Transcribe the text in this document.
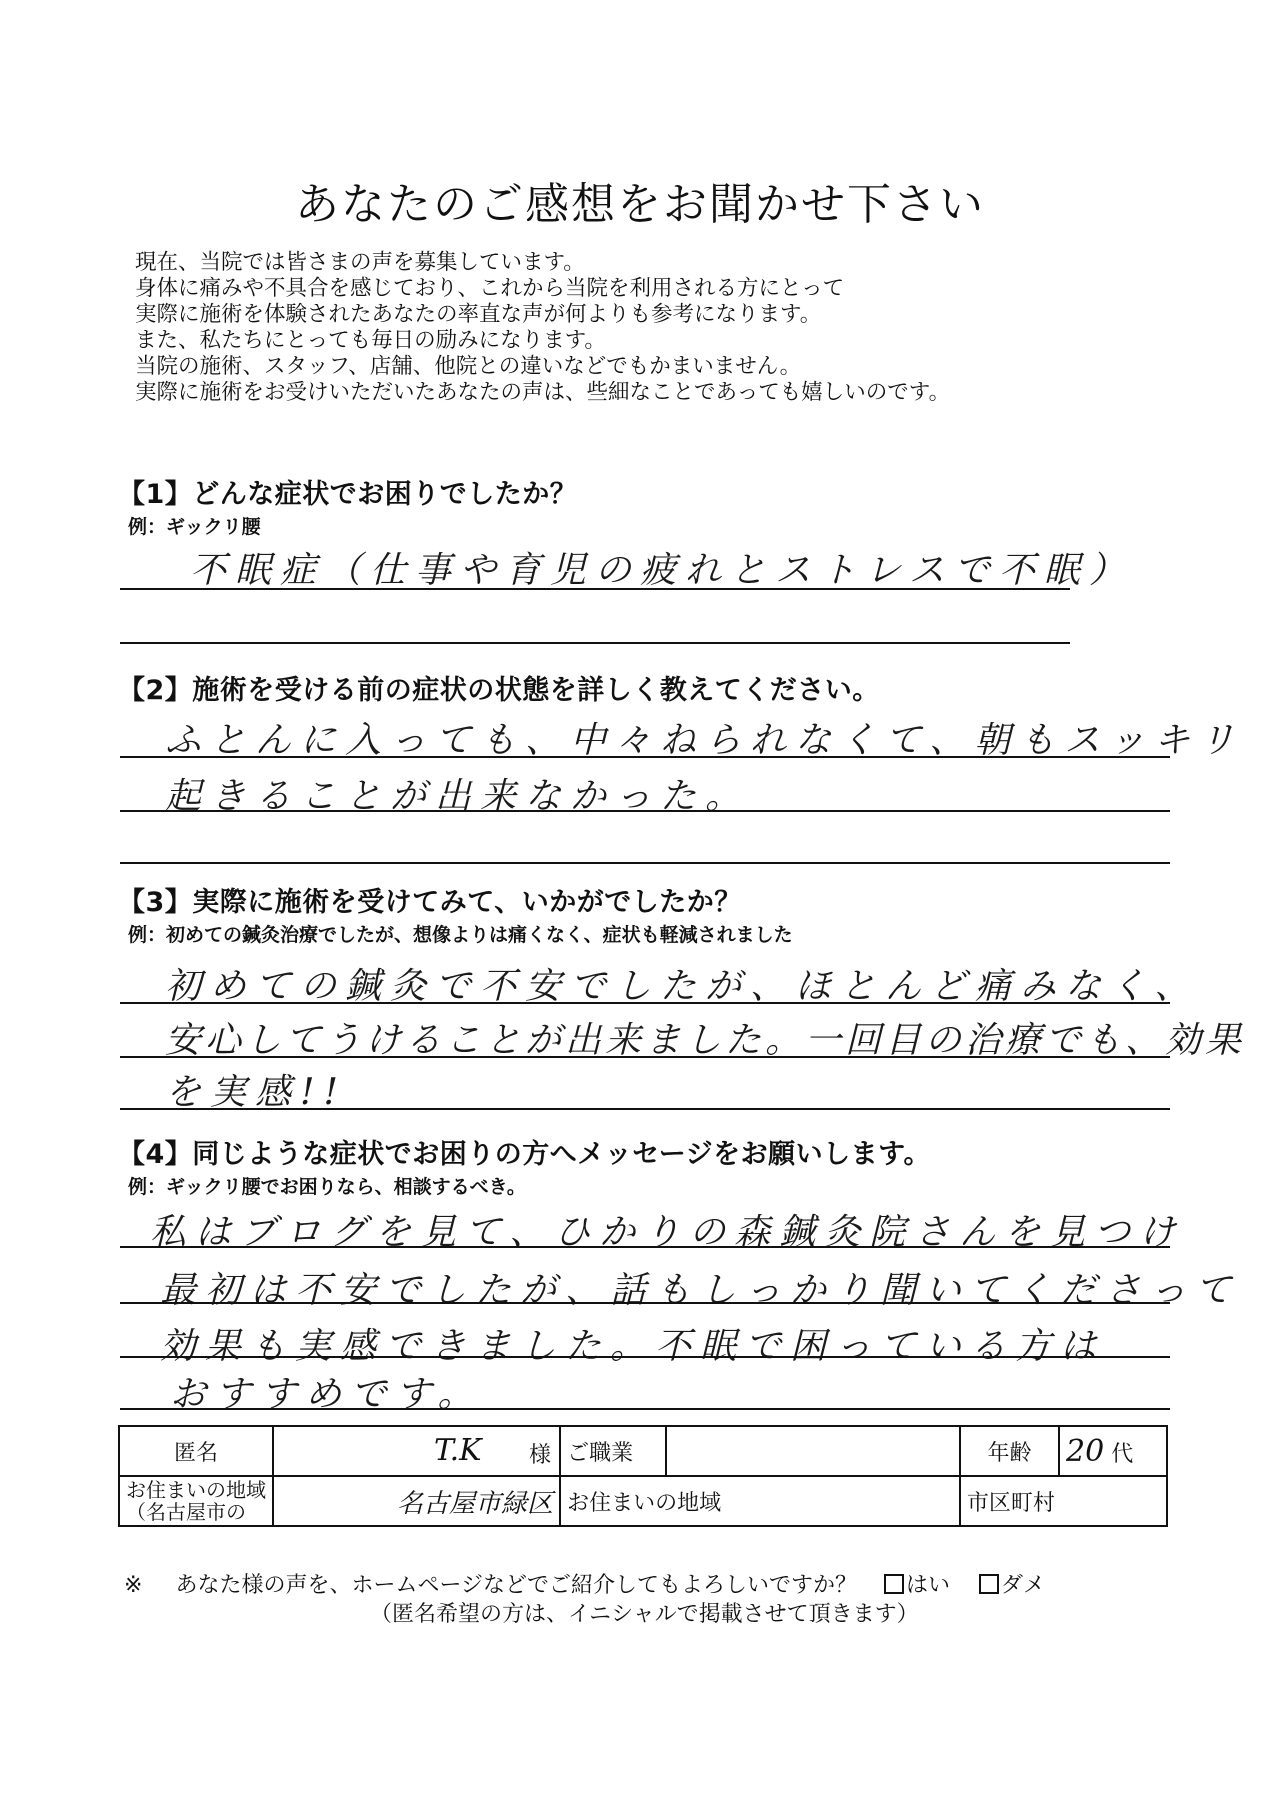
あなたのご感想をお聞かせ下さい
現在、当院では皆さまの声を募集しています。
身体に痛みや不具合を感じており、これから当院を利用される方にとって
実際に施術を体験されたあなたの率直な声が何よりも参考になります。
また、私たちにとっても毎日の励みになります。
当院の施術、スタッフ、店舗、他院との違いなどでもかまいません。
実際に施術をお受けいただいたあなたの声は、些細なことであっても嬉しいのです。
【1】どんな症状でお困りでしたか？
例：ギックリ腰
不眠症（仕事や育児の疲れとストレスで不眠）
【2】施術を受ける前の症状の状態を詳しく教えてください。
ふとんに入っても、中々ねられなくて、朝もスッキリ
起きることが出来なかった。
【3】実際に施術を受けてみて、いかがでしたか？
例：初めての鍼灸治療でしたが、想像よりは痛くなく、症状も軽減されました
初めての鍼灸で不安でしたが、ほとんど痛みなく、
安心してうけることが出来ました。一回目の治療でも、効果
を実感!!
【4】同じような症状でお困りの方へメッセージをお願いします。
例：ギックリ腰でお困りなら、相談するべき。
私はブログを見て、ひかりの森鍼灸院さんを見つけ
最初は不安でしたが、話もしっかり聞いてくださって
効果も実感できました。不眠で困っている方は
おすすめです。
匿名	T.K 様	ご職業		年齢	20 代

お住まいの地域
（名古屋市の	名古屋市緑区	お住まいの地域		市区町村	
※ あなた様の声を、ホームページなどでご紹介してもよろしいですか？ はい ダメ
（匿名希望の方は、イニシャルで掲載させて頂きます）
